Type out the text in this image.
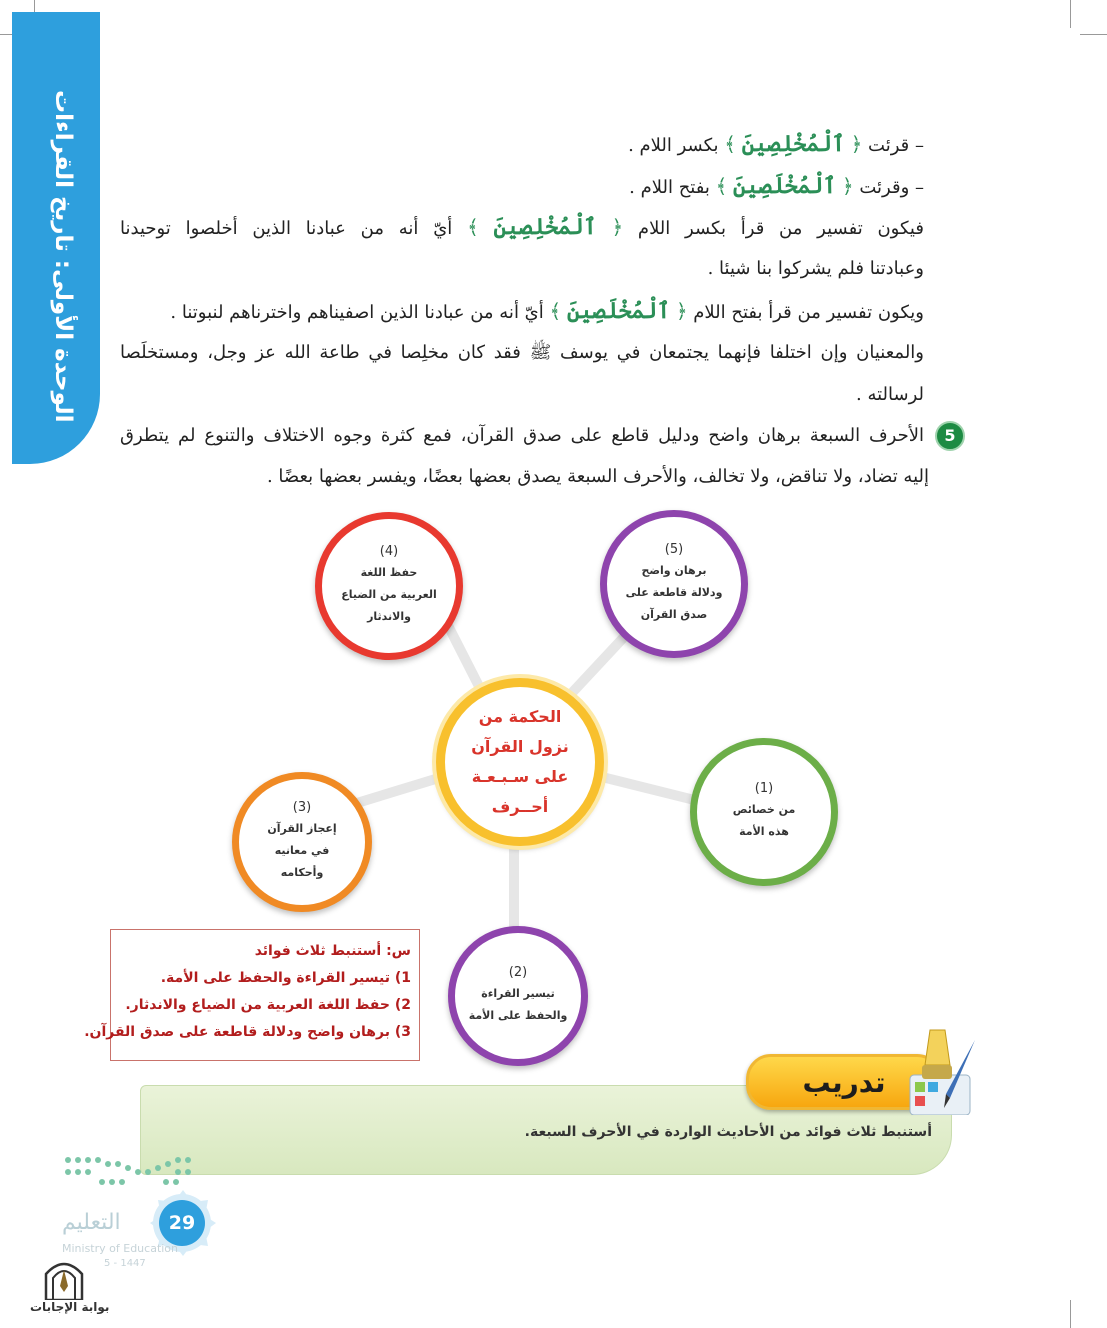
الوحدة الأولى: تاريخ القراءات	– قرئت ﴿ ٱلْمُخْلِصِينَ ﴾ بكسر اللام .
– وقرئت ﴿ ٱلْمُخْلَصِينَ ﴾ بفتح اللام .
فيكون تفسير من قرأ بكسر اللام ﴿ ٱلْمُخْلِصِينَ ﴾ أيّ أنه من عبادنا الذين أخلصوا توحيدنا
وعبادتنا فلم يشركوا بنا شيئا .
ويكون تفسير من قرأ بفتح اللام ﴿ ٱلْمُخْلَصِينَ ﴾ أيّ أنه من عبادنا الذين اصفيناهم واخترناهم لنبوتنا .
والمعنيان وإن اختلفا فإنهما يجتمعان في يوسف ﷺ فقد كان مخلِصا في طاعة الله عز وجل، ومستخلَصا
لرسالته .
5
الأحرف السبعة برهان واضح ودليل قاطع على صدق القرآن، فمع كثرة وجوه الاختلاف والتنوع لم يتطرق
إليه تضاد، ولا تناقض، ولا تخالف، والأحرف السبعة يصدق بعضها بعضًا، ويفسر بعضها بعضًا .
(4)
حفظ اللغة
العربية من الضياع
والاندثار
(5)
برهان واضح
ودلالة قاطعة على
صدق القرآن
(1)
من خصائص
هذه الأمة
(3)
إعجاز القرآن
في معانيه
وأحكامه
(2)
تيسير القراءة
والحفظ على الأمة
الحكمة من
نزول القرآن
على سـبـعـة
أحــرف
س: أستنبط ثلاث فوائد
1) تيسير القراءة والحفظ على الأمة.
2) حفظ اللغة العربية من الضياع والاندثار.
3) برهان واضح ودلالة قاطعة على صدق القرآن.
تدريب
أستنبط ثلاث فوائد من الأحاديث الواردة في الأحرف السبعة.
29
التعليم
Ministry of Education
5 - 1447
بوابة الإجابات
